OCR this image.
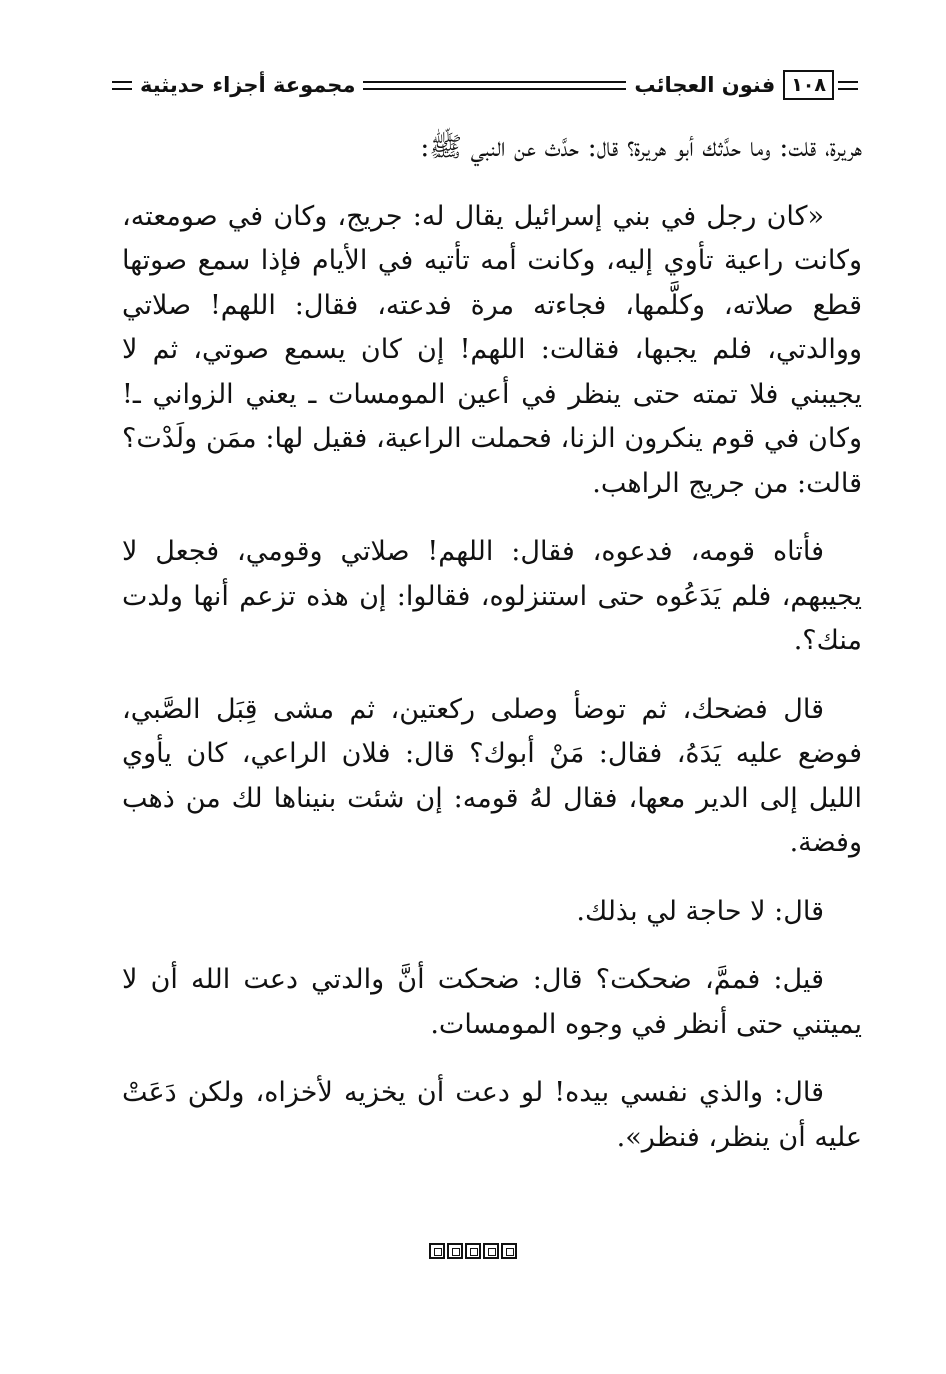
١٠٨
فنون العجائب
مجموعة أجزاء حديثية

هريرة، قلت: وما حدَّثك أبو هريرة؟ قال: حدَّث عن النبي ﷺ:

«كان رجل في بني إسرائيل يقال له: جريج، وكان في صومعته، وكانت راعية تأوي إليه، وكانت أمه تأتيه في الأيام فإذا سمع صوتها قطع صلاته، وكلَّمها، فجاءته مرة فدعته، فقال: اللهم! صلاتي ووالدتي، فلم يجبها، فقالت: اللهم! إن كان يسمع صوتي، ثم لا يجيبني فلا تمته حتى ينظر في أعين المومسات ـ يعني الزواني ـ! وكان في قوم ينكرون الزنا، فحملت الراعية، فقيل لها: ممَن ولَدْت؟ قالت: من جريج الراهب.

فأتاه قومه، فدعوه، فقال: اللهم! صلاتي وقومي، فجعل لا يجيبهم، فلم يَدَعُوه حتى استنزلوه، فقالوا: إن هذه تزعم أنها ولدت منك؟.

قال فضحك، ثم توضأ وصلى ركعتين، ثم مشى قِبَل الصَّبي، فوضع عليه يَدَهُ، فقال: مَنْ أبوك؟ قال: فلان الراعي، كان يأوي الليل إلى الدير معها، فقال لهُ قومه: إن شئت بنيناها لك من ذهب وفضة.

قال: لا حاجة لي بذلك.

قيل: فممَّ، ضحكت؟ قال: ضحكت أنَّ والدتي دعت الله أن لا يميتني حتى أنظر في وجوه المومسات.

قال: والذي نفسي بيده! لو دعت أن يخزيه لأخزاه، ولكن دَعَتْ عليه أن ينظر، فنظر».
